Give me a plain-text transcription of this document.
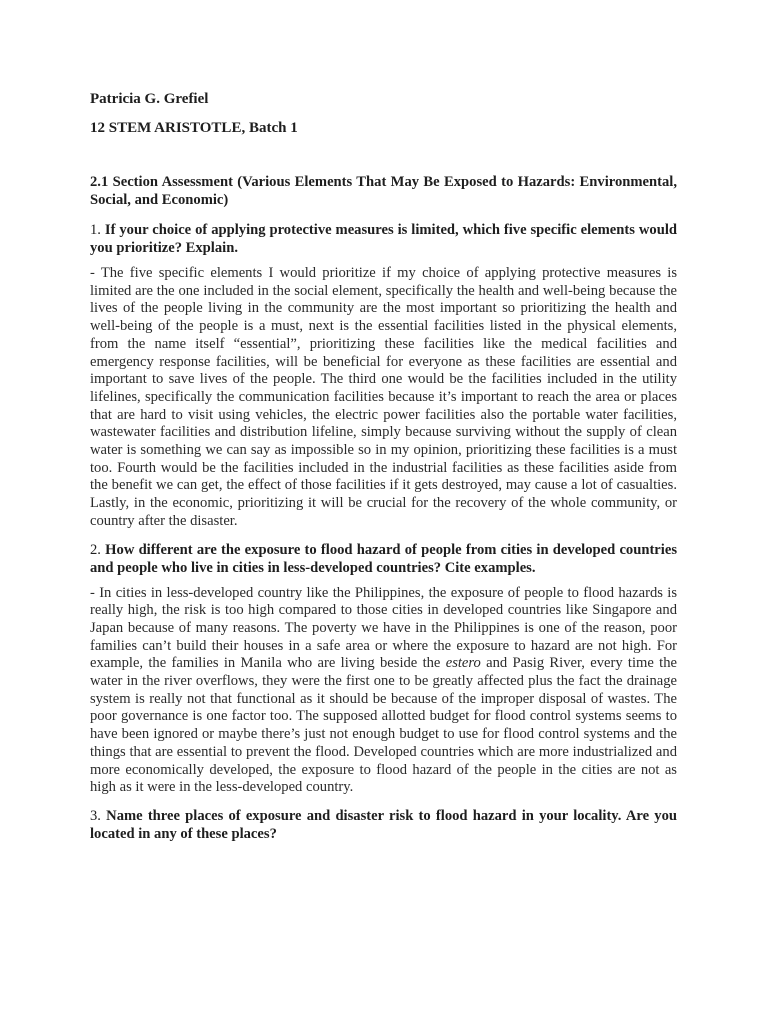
Patricia G. Grefiel

12 STEM ARISTOTLE, Batch 1

2.1 Section Assessment (Various Elements That May Be Exposed to Hazards: Environmental, Social, and Economic)

1. If your choice of applying protective measures is limited, which five specific elements would you prioritize? Explain.

- The five specific elements I would prioritize if my choice of applying protective measures is limited are the one included in the social element, specifically the health and well-being because the lives of the people living in the community are the most important so prioritizing the health and well-being of the people is a must, next is the essential facilities listed in the physical elements, from the name itself “essential”, prioritizing these facilities like the medical facilities and emergency response facilities, will be beneficial for everyone as these facilities are essential and important to save lives of the people. The third one would be the facilities included in the utility lifelines, specifically the communication facilities because it’s important to reach the area or places that are hard to visit using vehicles, the electric power facilities also the portable water facilities, wastewater facilities and distribution lifeline, simply because surviving without the supply of clean water is something we can say as impossible so in my opinion, prioritizing these facilities is a must too. Fourth would be the facilities included in the industrial facilities as these facilities aside from the benefit we can get, the effect of those facilities if it gets destroyed, may cause a lot of casualties. Lastly, in the economic, prioritizing it will be crucial for the recovery of the whole community, or country after the disaster.

2. How different are the exposure to flood hazard of people from cities in developed countries and people who live in cities in less-developed countries? Cite examples.

- In cities in less-developed country like the Philippines, the exposure of people to flood hazards is really high, the risk is too high compared to those cities in developed countries like Singapore and Japan because of many reasons. The poverty we have in the Philippines is one of the reason, poor families can’t build their houses in a safe area or where the exposure to hazard are not high. For example, the families in Manila who are living beside the estero and Pasig River, every time the water in the river overflows, they were the first one to be greatly affected plus the fact the drainage system is really not that functional as it should be because of the improper disposal of wastes. The poor governance is one factor too. The supposed allotted budget for flood control systems seems to have been ignored or maybe there’s just not enough budget to use for flood control systems and the things that are essential to prevent the flood. Developed countries which are more industrialized and more economically developed, the exposure to flood hazard of the people in the cities are not as high as it were in the less-developed country.

3. Name three places of exposure and disaster risk to flood hazard in your locality. Are you located in any of these places?
